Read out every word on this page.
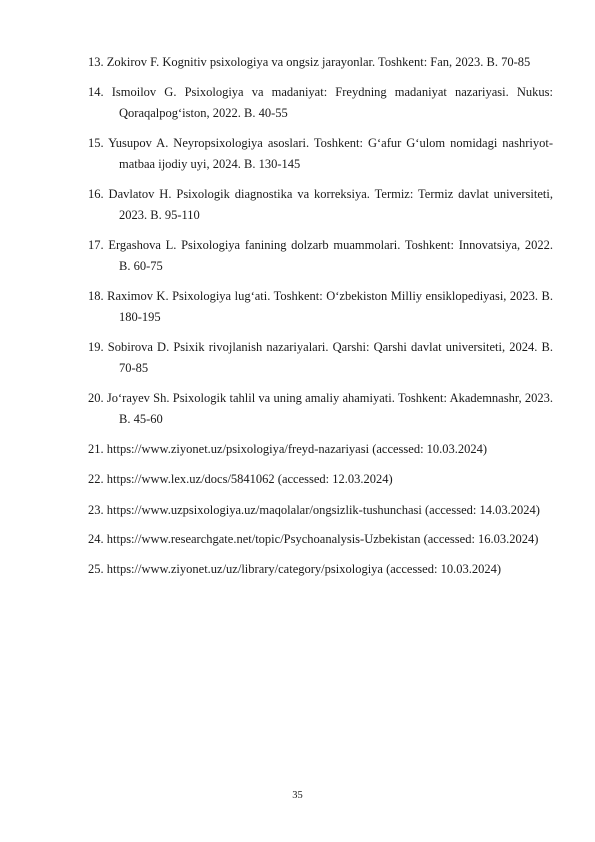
13. Zokirov F. Kognitiv psixologiya va ongsiz jarayonlar. Toshkent: Fan, 2023. B. 70-85
14. Ismoilov G. Psixologiya va madaniyat: Freydning madaniyat nazariyasi. Nukus: Qoraqalpog‘iston, 2022. B. 40-55
15. Yusupov A. Neyropsixologiya asoslari. Toshkent: G‘afur G‘ulom nomidagi nashriyot-matbaa ijodiy uyi, 2024. B. 130-145
16. Davlatov H. Psixologik diagnostika va korreksiya. Termiz: Termiz davlat universiteti, 2023. B. 95-110
17. Ergashova L. Psixologiya fanining dolzarb muammolari. Toshkent: Innovatsiya, 2022. B. 60-75
18. Raximov K. Psixologiya lug‘ati. Toshkent: O‘zbekiston Milliy ensiklopediyasi, 2023. B. 180-195
19. Sobirova D. Psixik rivojlanish nazariyalari. Qarshi: Qarshi davlat universiteti, 2024. B. 70-85
20. Jo‘rayev Sh. Psixologik tahlil va uning amaliy ahamiyati. Toshkent: Akademnashr, 2023. B. 45-60
21. https://www.ziyonet.uz/psixologiya/freyd-nazariyasi (accessed: 10.03.2024)
22. https://www.lex.uz/docs/5841062 (accessed: 12.03.2024)
23. https://www.uzpsixologiya.uz/maqolalar/ongsizlik-tushunchasi (accessed: 14.03.2024)
24. https://www.researchgate.net/topic/Psychoanalysis-Uzbekistan (accessed: 16.03.2024)
25. https://www.ziyonet.uz/uz/library/category/psixologiya (accessed: 10.03.2024)
35
